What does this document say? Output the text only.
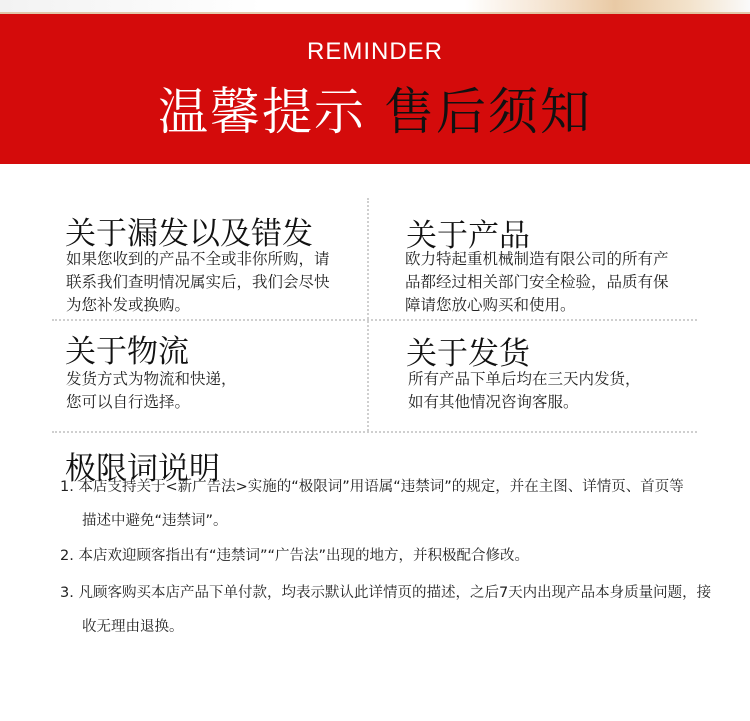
REMINDER
温馨提示 售后须知
关于漏发以及错发
如果您收到的产品不全或非你所购，请
联系我们查明情况属实后，我们会尽快
为您补发或换购。
关于产品
欧力特起重机械制造有限公司的所有产
品都经过相关部门安全检验，品质有保
障请您放心购买和使用。
关于物流
发货方式为物流和快递，
您可以自行选择。
关于发货
所有产品下单后均在三天内发货，
如有其他情况咨询客服。
极限词说明
1. 本店支持关于<新广告法>实施的“极限词”用语属“违禁词”的规定，并在主图、详情页、首页等
描述中避免“违禁词”。
2. 本店欢迎顾客指出有“违禁词”“广告法”出现的地方，并积极配合修改。
3. 凡顾客购买本店产品下单付款，均表示默认此详情页的描述，之后7天内出现产品本身质量问题，接
收无理由退换。
